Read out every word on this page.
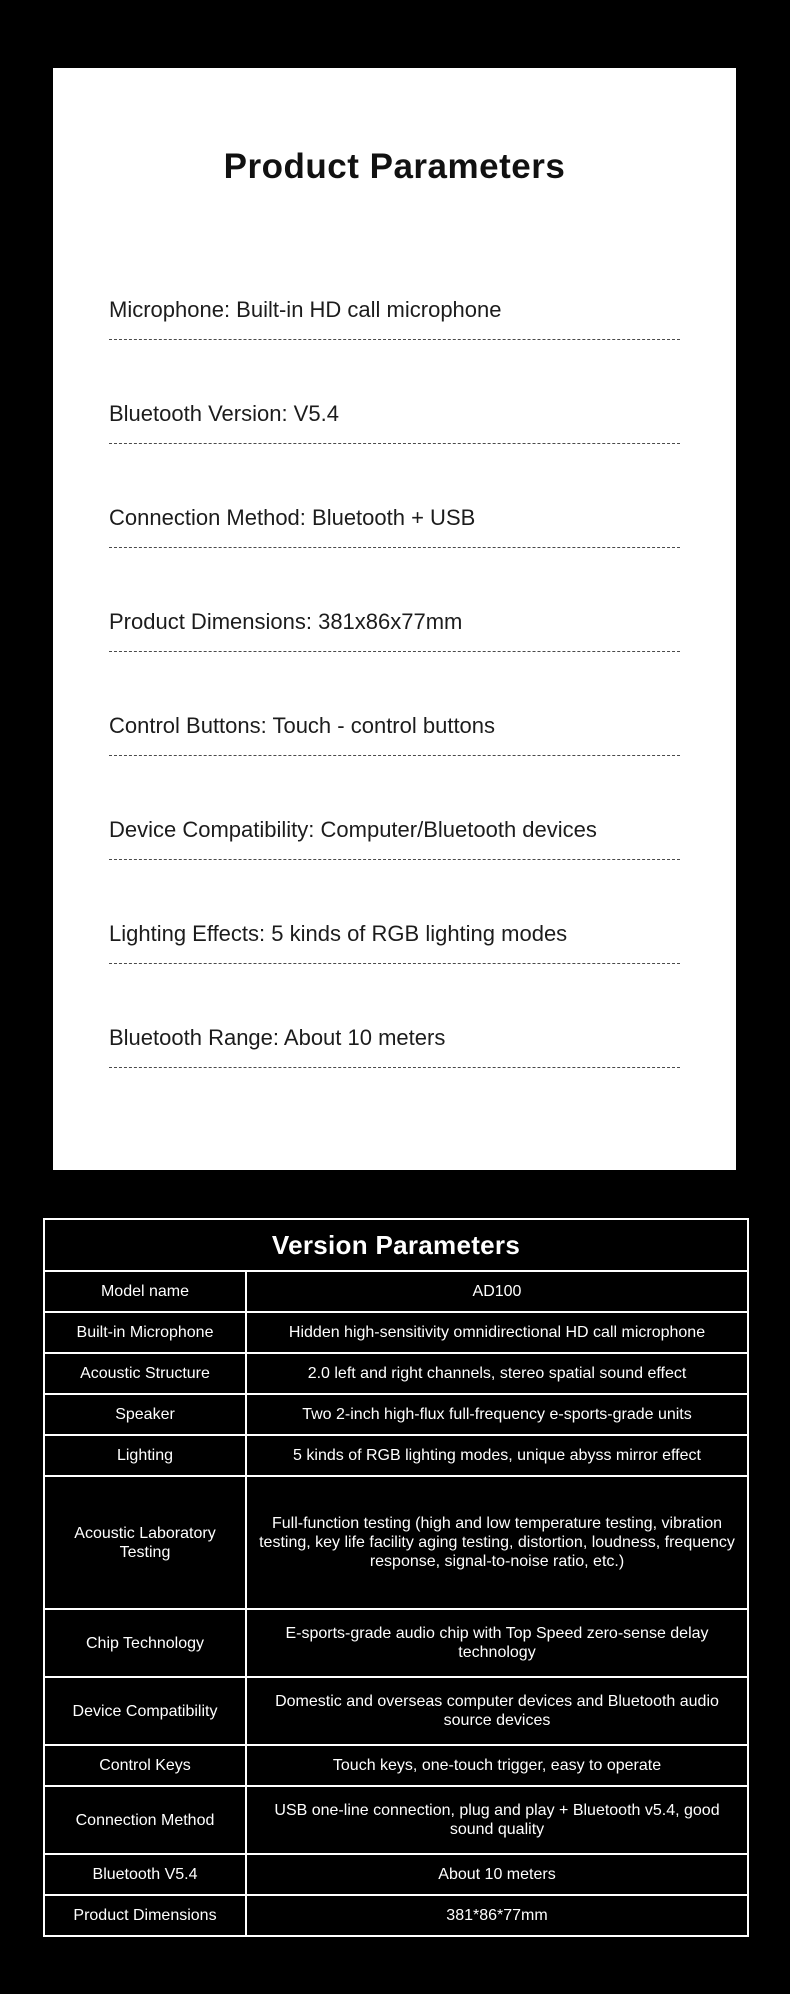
Product Parameters
Microphone: Built-in HD call microphone
Bluetooth Version: V5.4
Connection Method: Bluetooth + USB
Product Dimensions: 381x86x77mm
Control Buttons: Touch - control buttons
Device Compatibility: Computer/Bluetooth devices
Lighting Effects: 5 kinds of RGB lighting modes
Bluetooth Range: About 10 meters
Version Parameters	
Model name	AD100
Built-in Microphone	Hidden high-sensitivity omnidirectional HD call microphone
Acoustic Structure	2.0 left and right channels, stereo spatial sound effect
Speaker	Two 2-inch high-flux full-frequency e-sports-grade units
Lighting	5 kinds of RGB lighting modes, unique abyss mirror effect
Acoustic Laboratory Testing	Full-function testing (high and low temperature testing, vibration testing, key life facility aging testing, distortion, loudness, frequency response, signal-to-noise ratio, etc.)
Chip Technology	E-sports-grade audio chip with Top Speed zero-sense delay technology
Device Compatibility	Domestic and overseas computer devices and Bluetooth audio source devices
Control Keys	Touch keys, one-touch trigger, easy to operate
Connection Method	USB one-line connection, plug and play + Bluetooth v5.4, good sound quality
Bluetooth V5.4	About 10 meters
Product Dimensions	381*86*77mm
